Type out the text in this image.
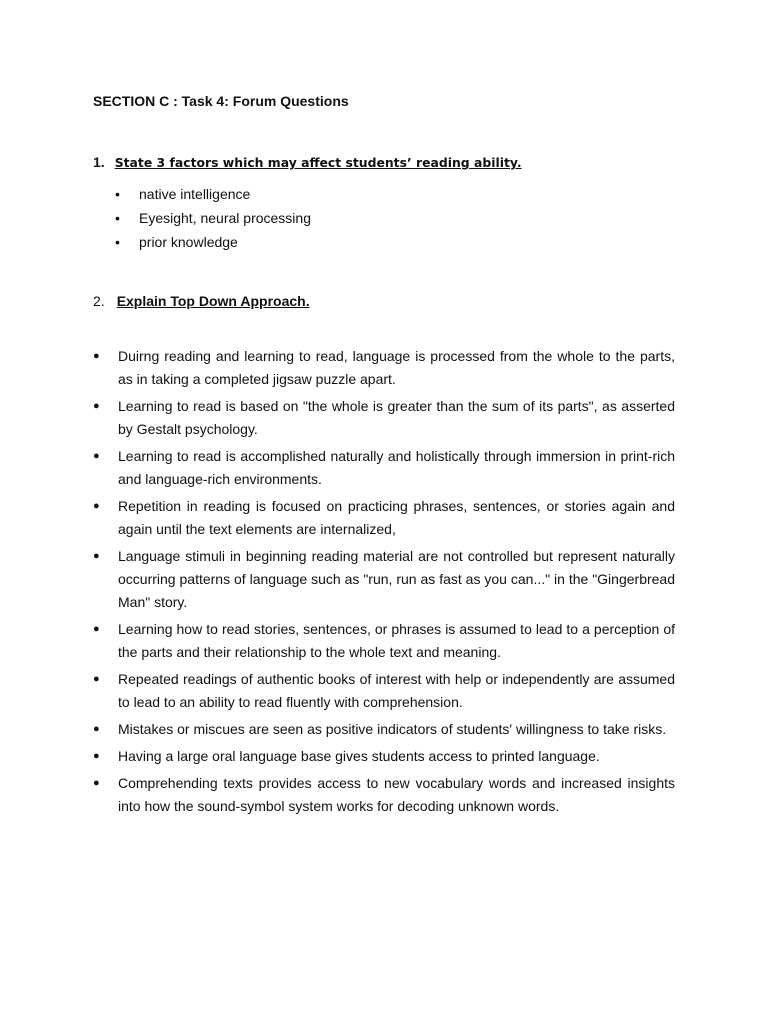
SECTION C : Task 4: Forum Questions
1. State 3 factors which may affect students’ reading ability.
• native intelligence
• Eyesight, neural processing
• prior knowledge
2. Explain Top Down Approach.
● Duirng reading and learning to read, language is processed from the whole to the parts, as in taking a completed jigsaw puzzle apart.
● Learning to read is based on "the whole is greater than the sum of its parts", as asserted by Gestalt psychology.
● Learning to read is accomplished naturally and holistically through immersion in print-rich and language-rich environments.
● Repetition in reading is focused on practicing phrases, sentences, or stories again and again until the text elements are internalized,
● Language stimuli in beginning reading material are not controlled but represent naturally occurring patterns of language such as "run, run as fast as you can..." in the "Gingerbread Man" story.
● Learning how to read stories, sentences, or phrases is assumed to lead to a perception of the parts and their relationship to the whole text and meaning.
● Repeated readings of authentic books of interest with help or independently are assumed to lead to an ability to read fluently with comprehension.
● Mistakes or miscues are seen as positive indicators of students' willingness to take risks.
● Having a large oral language base gives students access to printed language.
● Comprehending texts provides access to new vocabulary words and increased insights into how the sound-symbol system works for decoding unknown words.
